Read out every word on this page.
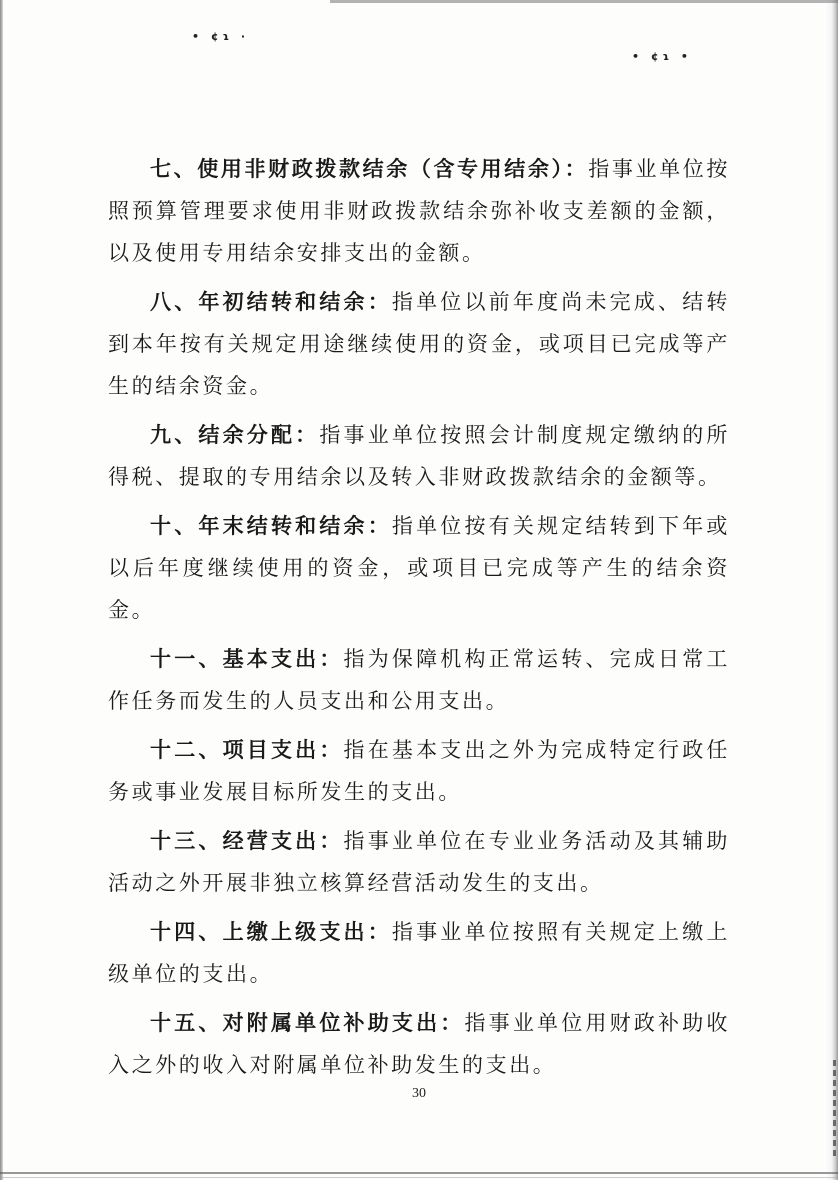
• ¢ɿ ·
• ¢ɿ •

七、使用非财政拨款结余（含专用结余）：指事业单位按照预算管理要求使用非财政拨款结余弥补收支差额的金额，以及使用专用结余安排支出的金额。

八、年初结转和结余：指单位以前年度尚未完成、结转到本年按有关规定用途继续使用的资金，或项目已完成等产生的结余资金。

九、结余分配：指事业单位按照会计制度规定缴纳的所得税、提取的专用结余以及转入非财政拨款结余的金额等。

十、年末结转和结余：指单位按有关规定结转到下年或以后年度继续使用的资金，或项目已完成等产生的结余资金。

十一、基本支出：指为保障机构正常运转、完成日常工作任务而发生的人员支出和公用支出。

十二、项目支出：指在基本支出之外为完成特定行政任务或事业发展目标所发生的支出。

十三、经营支出：指事业单位在专业业务活动及其辅助活动之外开展非独立核算经营活动发生的支出。

十四、上缴上级支出：指事业单位按照有关规定上缴上级单位的支出。

十五、对附属单位补助支出：指事业单位用财政补助收入之外的收入对附属单位补助发生的支出。

30
